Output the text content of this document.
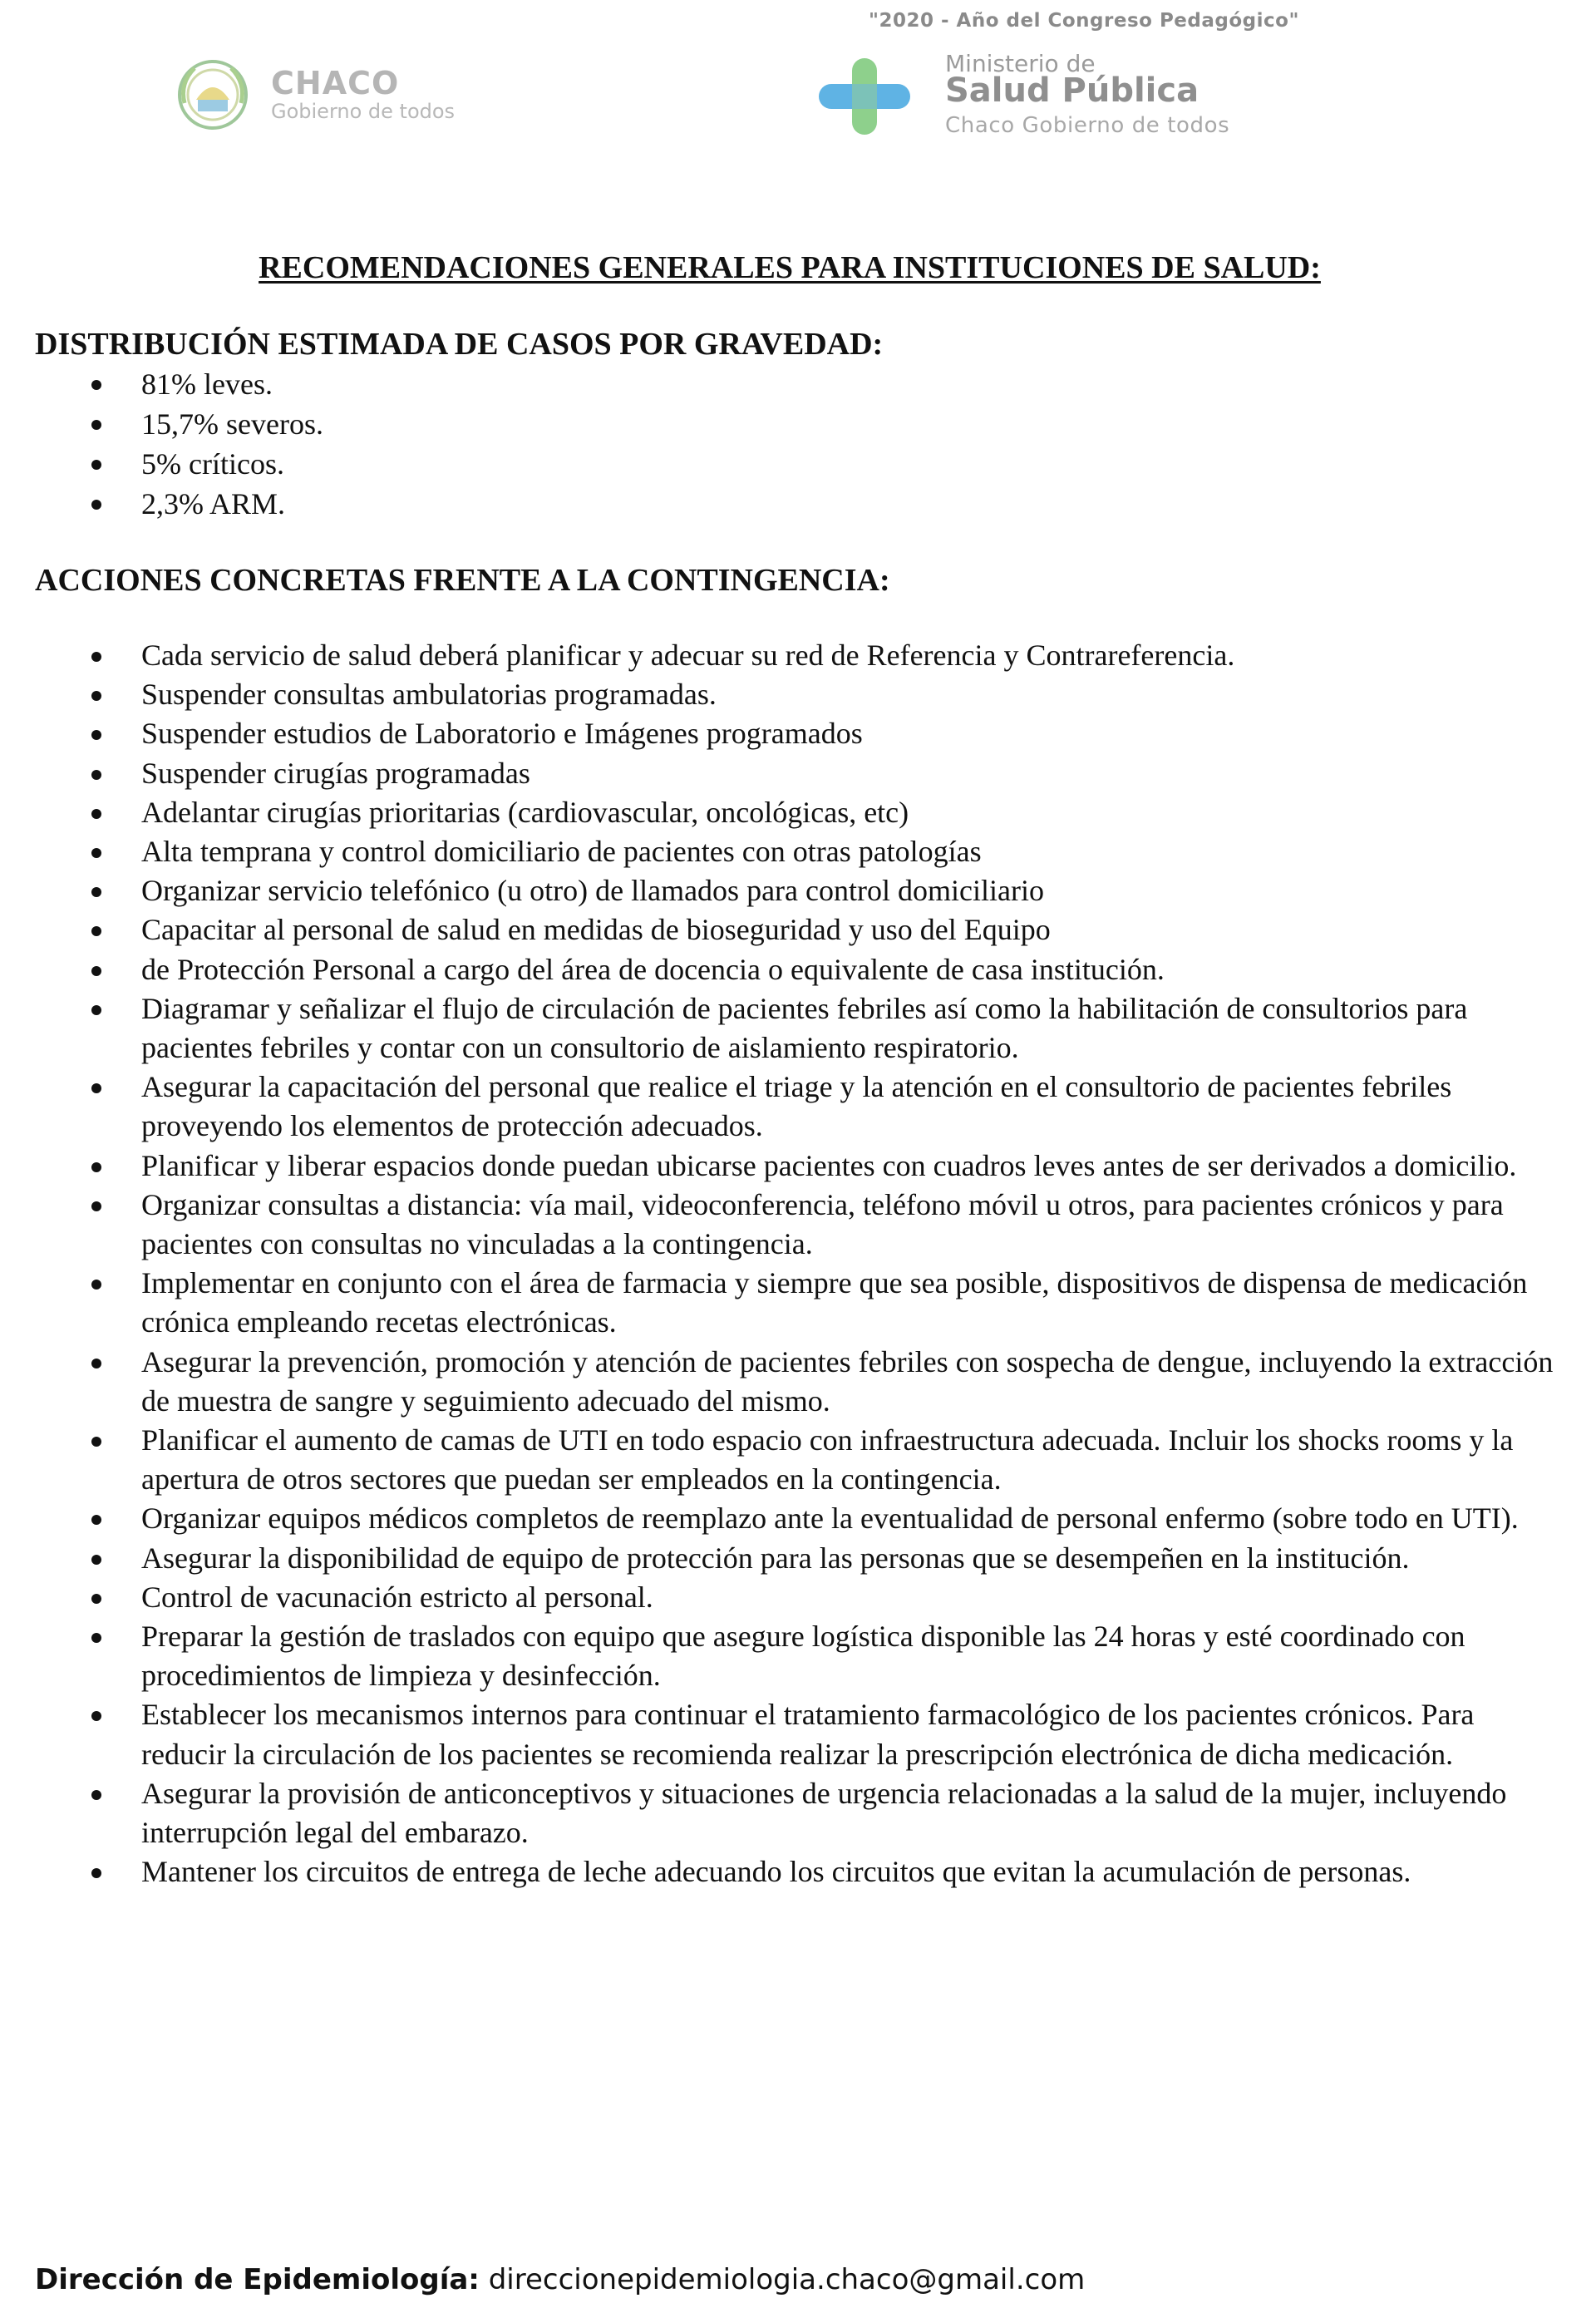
"2020 - Año del Congreso Pedagógico"
CHACO
Gobierno de todos
Ministerio de
Salud Pública
Chaco Gobierno de todos
RECOMENDACIONES GENERALES PARA INSTITUCIONES DE SALUD:
DISTRIBUCIÓN ESTIMADA DE CASOS POR GRAVEDAD:
81% leves.
15,7% severos.
5% críticos.
2,3% ARM.
ACCIONES CONCRETAS FRENTE A LA CONTINGENCIA:
Cada servicio de salud deberá planificar y adecuar su red de Referencia y Contrareferencia.
Suspender consultas ambulatorias programadas.
Suspender estudios de Laboratorio e Imágenes programados
Suspender cirugías programadas
Adelantar cirugías prioritarias (cardiovascular, oncológicas, etc)
Alta temprana y control domiciliario de pacientes con otras patologías
Organizar servicio telefónico (u otro) de llamados para control domiciliario
Capacitar al personal de salud en medidas de bioseguridad y uso del Equipo
de Protección Personal a cargo del área de docencia o equivalente de casa institución.
Diagramar y señalizar el flujo de circulación de pacientes febriles así como la habilitación de consultorios para pacientes febriles y contar con un consultorio de aislamiento respiratorio.
Asegurar la capacitación del personal que realice el triage y la atención en el consultorio de pacientes febriles proveyendo los elementos de protección adecuados.
Planificar y liberar espacios donde puedan ubicarse pacientes con cuadros leves antes de ser derivados a domicilio.
Organizar consultas a distancia: vía mail, videoconferencia, teléfono móvil u otros, para pacientes crónicos y para pacientes con consultas no vinculadas a la contingencia.
Implementar en conjunto con el área de farmacia y siempre que sea posible, dispositivos de dispensa de medicación crónica empleando recetas electrónicas.
Asegurar la prevención, promoción y atención de pacientes febriles con sospecha de dengue, incluyendo la extracción de muestra de sangre y seguimiento adecuado del mismo.
Planificar el aumento de camas de UTI en todo espacio con infraestructura adecuada. Incluir los shocks rooms y la apertura de otros sectores que puedan ser empleados en la contingencia.
Organizar equipos médicos completos de reemplazo ante la eventualidad de personal enfermo (sobre todo en UTI).
Asegurar la disponibilidad de equipo de protección para las personas que se desempeñen en la institución.
Control de vacunación estricto al personal.
Preparar la gestión de traslados con equipo que asegure logística disponible las 24 horas y esté coordinado con procedimientos de limpieza y desinfección.
Establecer los mecanismos internos para continuar el tratamiento farmacológico de los pacientes crónicos. Para reducir la circulación de los pacientes se recomienda realizar la prescripción electrónica de dicha medicación.
Asegurar la provisión de anticonceptivos y situaciones de urgencia relacionadas a la salud de la mujer, incluyendo interrupción legal del embarazo.
Mantener los circuitos de entrega de leche adecuando los circuitos que evitan la acumulación de personas.
Dirección de Epidemiología: direccionepidemiologia.chaco@gmail.com
